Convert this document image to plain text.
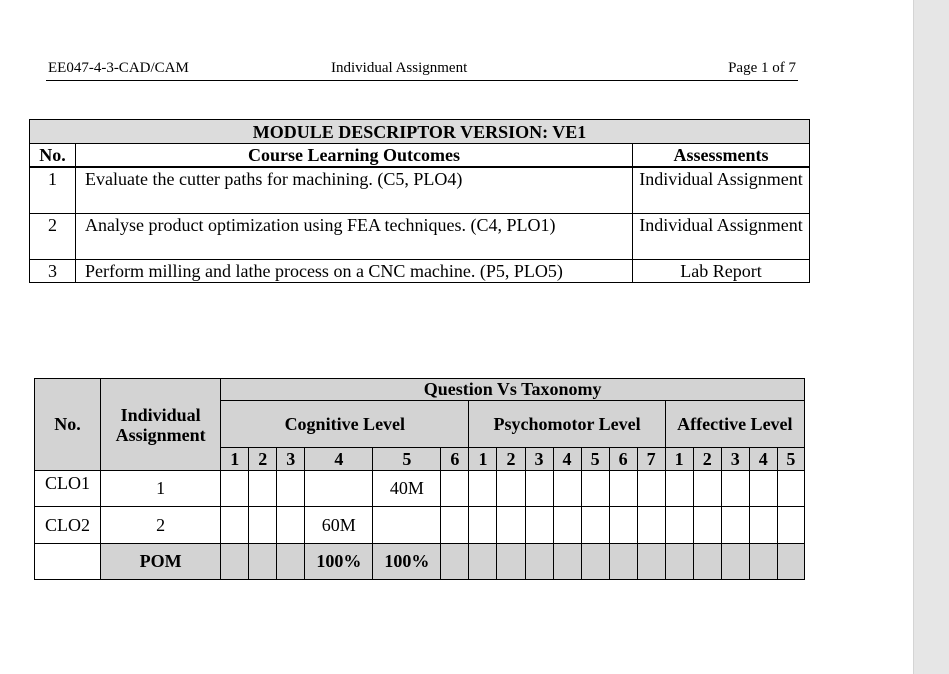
EE047-4-3-CAD/CAM	Individual Assignment	Page 1 of 7
MODULE DESCRIPTOR VERSION: VE1		
No.	Course Learning Outcomes	Assessments
1	Evaluate the cutter paths for machining. (C5, PLO4)	Individual Assignment
2	Analyse product optimization using FEA techniques. (C4, PLO1)	Individual Assignment
3	Perform milling and lathe process on a CNC machine. (P5, PLO5)	Lab Report
No.	Individual Assignment	Question Vs Taxonomy																	
		Cognitive Level						Psychomotor Level							Affective Level				
		1	2	3	4	5	6	1	2	3	4	5	6	7	1	2	3	4	5
CLO1	1					40M													
CLO2	2				60M														
	POM				100%	100%													
